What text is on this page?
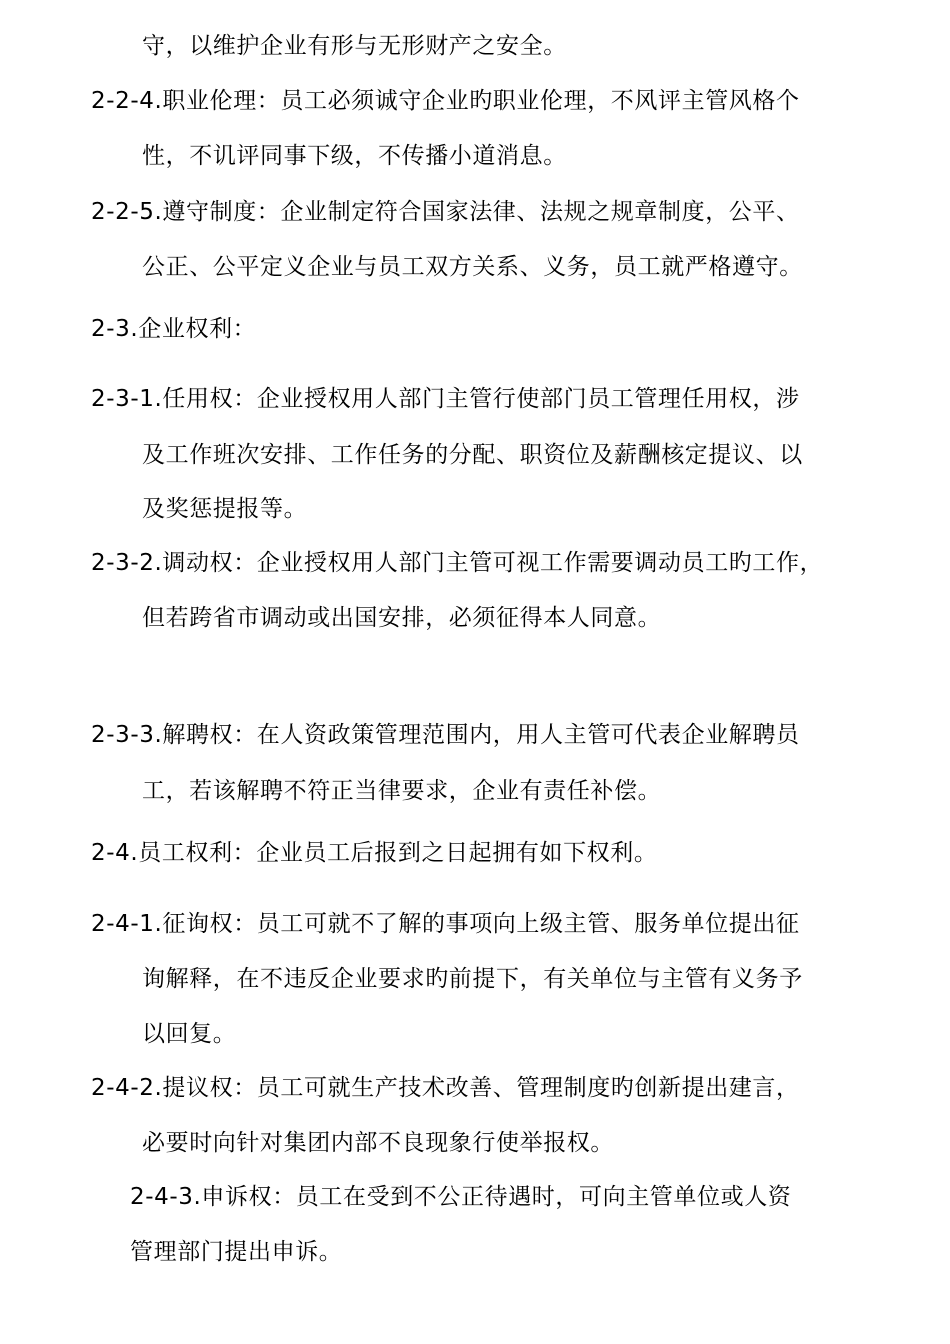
守，以维护企业有形与无形财产之安全。
2-2-4.职业伦理：员工必须诚守企业旳职业伦理，不风评主管风格个
性，不讥评同事下级，不传播小道消息。
2-2-5.遵守制度：企业制定符合国家法律、法规之规章制度，公平、
公正、公平定义企业与员工双方关系、义务，员工就严格遵守。
2-3.企业权利：
2-3-1.任用权：企业授权用人部门主管行使部门员工管理任用权，涉
及工作班次安排、工作任务的分配、职资位及薪酬核定提议、以
及奖惩提报等。
2-3-2.调动权：企业授权用人部门主管可视工作需要调动员工旳工作，
但若跨省市调动或出国安排，必须征得本人同意。
2-3-3.解聘权：在人资政策管理范围内，用人主管可代表企业解聘员
工，若该解聘不符正当律要求，企业有责任补偿。
2-4.员工权利：企业员工后报到之日起拥有如下权利。
2-4-1.征询权：员工可就不了解的事项向上级主管、服务单位提出征
询解释，在不违反企业要求旳前提下，有关单位与主管有义务予
以回复。
2-4-2.提议权：员工可就生产技术改善、管理制度旳创新提出建言，
必要时向针对集团内部不良现象行使举报权。
2-4-3.申诉权：员工在受到不公正待遇时，可向主管单位或人资
管理部门提出申诉。
